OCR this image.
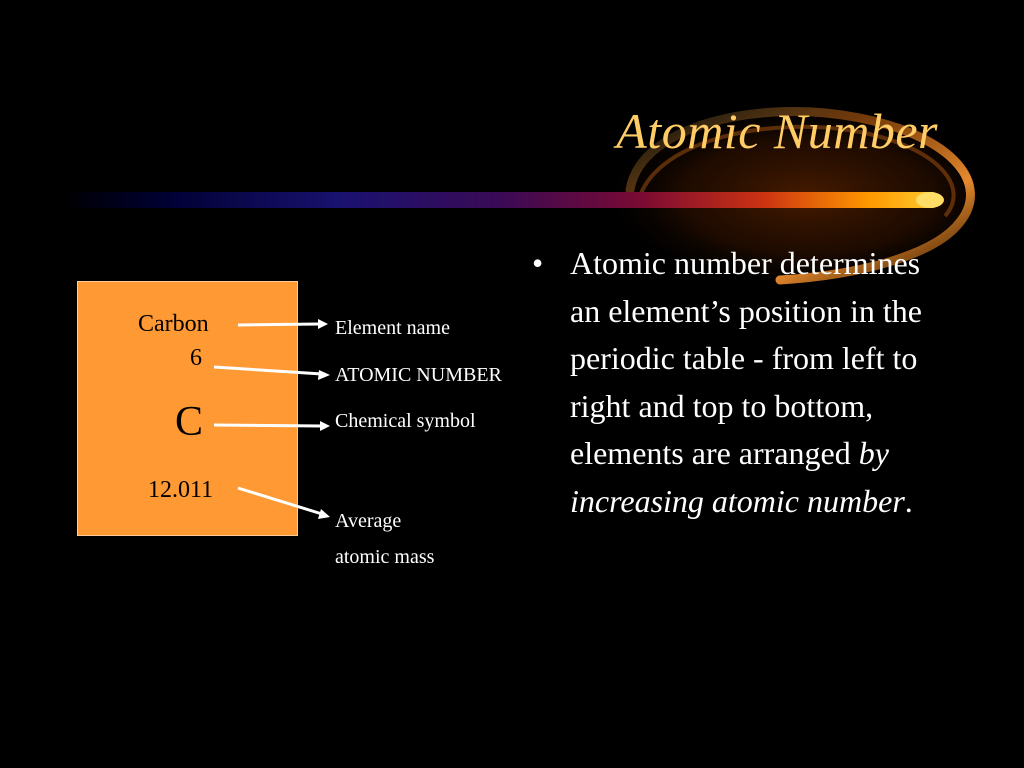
Atomic Number
Carbon
6
C
12.011
Element name
ATOMIC NUMBER
Chemical symbol
Average
atomic mass
• Atomic number determines an element’s position in the periodic table - from left to right and top to bottom, elements are arranged by increasing atomic number.
